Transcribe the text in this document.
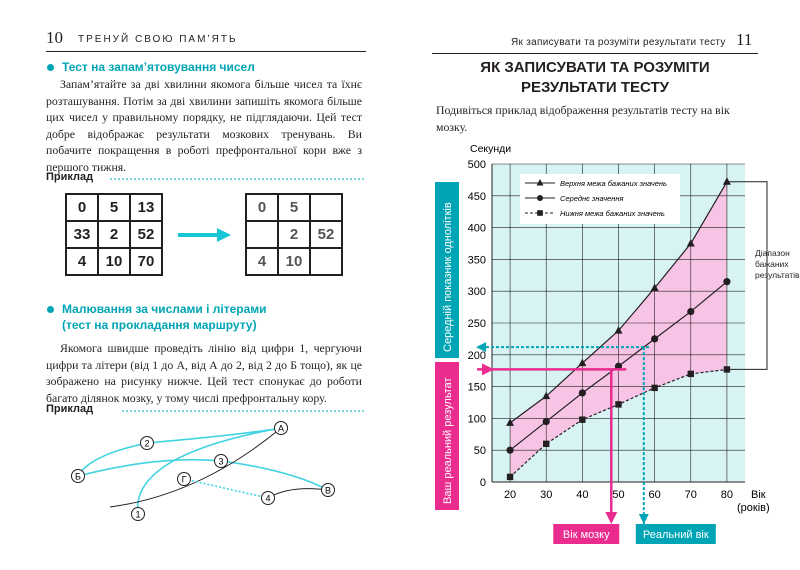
10 ТРЕНУЙ СВОЮ ПАМ’ЯТЬ
Тест на запам’ятовування чисел
Запам’ятайте за дві хвилини якомога більше чисел та їхнє розташування. Потім за дві хвилини запишіть якомога більше цих чисел у правильному порядку, не підглядаючи. Цей тест добре відображає результати мозкових тренувань. Ви побачите покращення в роботі префронтальної кори вже з першого тижня.
Приклад
0	5	13
33	2	52
4	10	70
0	5	
	2	52
4	10	
Малювання за числами і літерами
(тест на прокладання маршруту)
Якомога швидше проведіть лінію від цифри 1, чергуючи цифри та літери (від 1 до А, від А до 2, від 2 до Б тощо), як це зображено на рисунку нижче. Цей тест спонукає до роботи багато ділянок мозку, у тому числі префронтальну кору.
Приклад
А
2
Б
3
Г
4
В
1
Як записувати та розуміти результати тесту 11
ЯК ЗАПИСУВАТИ ТА РОЗУМІТИ
РЕЗУЛЬТАТИ ТЕСТУ
Подивіться приклад відображення результатів тесту на вік мозку.
0
50
100
150
200
250
300
350
400
450
500
20 30 40 50 60 70 80
Секунди
Вік
(років)
Діапазон
бажаних
результатів
Верхня межа бажаних значень
Середнє значення
Нижня межа бажаних значень
Середній показник однолітків
Ваш реальний результат
Вік мозку	Реальний вік
